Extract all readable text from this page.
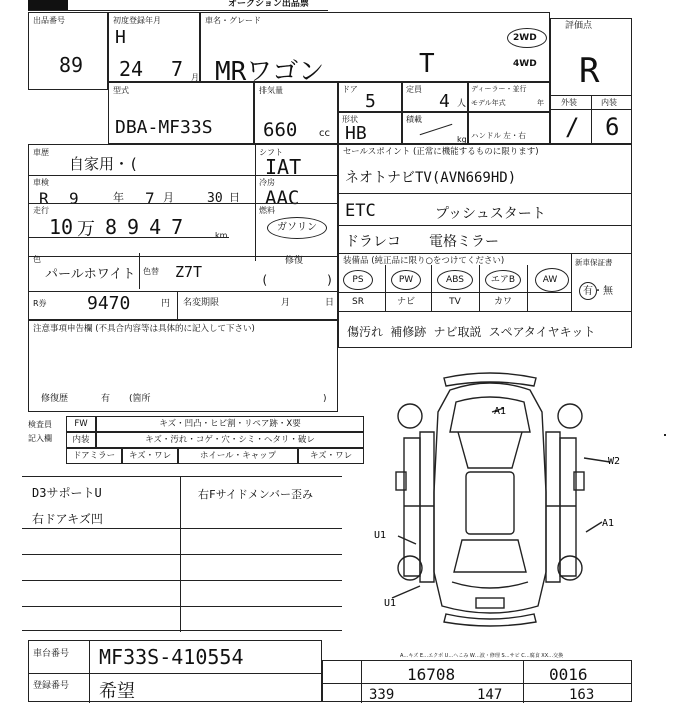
オークション出品票
出品番号
89
初度登録年月
H
24 7 月
車名・グレード
MRワゴン	T
2WD
4WD
評価点
R
外装	内装
/ 6
型式
DBA-MF33S
排気量
660 cc
ドア
5
定員
4 人
ディーラー・並行
モデル年式	年
形状
HB
積載
kg ハンドル 左・右
車歴
自家用・(
シフト
IAT
車検
R 9	年 7 月	30 日
冷房
AAC
走行
10 万 8947	km
燃料
ガソリン
色
パールホワイト 色替 Z7T
修復
(        )
R券 9470	円 名変期限	月	日
セールスポイント (正常に機能するものに限ります)
ネオトナビTV(AVN669HD)
ETC	プッシュスタート
ドラレコ 電格ミラー
装備品 (純正品に限り○をつけてください)	新車保証書
有・無
PS	PW	ABS	エアB	AW
SR	ナビ	TV	カワ
傷汚れ 補修跡 ナビ取説 スペアタイヤキット
注意事項申告欄 (不具合内容等は具体的に記入して下さい)
修復歴	有 (箇所	)
検査員
記入欄
FW	キズ・凹凸・ヒビ割・リペア跡・X要
内装	キズ・汚れ・コゲ・穴・シミ・ヘタリ・破レ
ドアミラー	キズ・ワレ	ホイール・キャップ	キズ・ワレ
D3サポートU
右ドアキズ凹
右Fサイドメンバー歪み
A1
W2
U1
A1
U1
車台番号 MF33S-410554
登録番号 希望
A…キズ E…エクボ U…へこみ W…波・修理 S…サビ C…腐食 XX…交換
16708	0016
339	147	163
